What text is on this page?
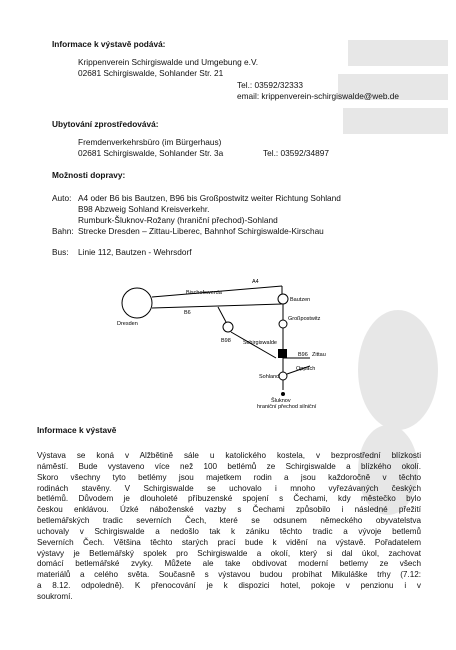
Informace k výstavě podává:
Krippenverein Schirgiswalde und Umgebung e.V.
02681 Schirgiswalde, Sohlander Str. 21
Tel.: 03592/32333
email: krippenverein-schirgiswalde@web.de
Ubytování zprostředovává:
Fremdenverkehrsbüro (im Bürgerhaus)
02681 Schirgiswalde, Sohlander Str. 3a	Tel.: 03592/34897
Možnosti dopravy:
Auto: A4 oder B6 bis Bautzen, B96 bis Großpostwitz weiter Richtung Sohland
B98 Abzweig Sohland Kreisverkehr.
Rumburk-Šluknov-Rožany (hraniční přechod)-Sohland
Bahn: Strecke Dresden – Zittau-Liberec, Bahnhof Schirgiswalde-Kirschau
Bus: Linie 112, Bautzen - Wehrsdorf
A4
Bischofswerda
B6
Bautzen
Großpostwitz
B98 Schirgiswalde
B96 Zittau
Dresden
Oppach
Sohland
Šluknov
hraniční přechod silniční
Informace k výstavě
Výstava se koná v Alžbětině sále u katolického kostela, v bezprostřední blízkosti
náměstí. Bude vystaveno více než 100 betlémů ze Schirgiswalde a blízkého okolí.
Skoro všechny tyto betlémy jsou majetkem rodin a jsou každoročně v těchto
rodinách stavěny. V Schirgiswalde se uchovalo i mnoho vyřezávaných českých
betlémů. Důvodem je dlouholeté příbuzenské spojení s Čechami, kdy městečko bylo
českou enklávou. Úzké náboženské vazby s Čechami způsobilo i následné přežití
betlemářských tradic severních Čech, které se odsunem německého obyvatelstva
uchovaly v Schirgiswalde a nedošlo tak k zániku těchto tradic a vývoje betlemů
Severních Čech. Většina těchto starých prací bude k vidění na výstavě. Pořadatelem
výstavy je Betlemářský spolek pro Schirgiswalde a okolí, který si dal úkol, zachovat
domácí betlemářské zvyky. Můžete ale take obdivovat moderní betlemy ze všech
materiálů a celého světa. Současně s výstavou budou probíhat Mikuláške trhy (7.12:
a 8.12. odpoledně). K přenocování je k dispozici hotel, pokoje v penzionu i v
soukromí.
